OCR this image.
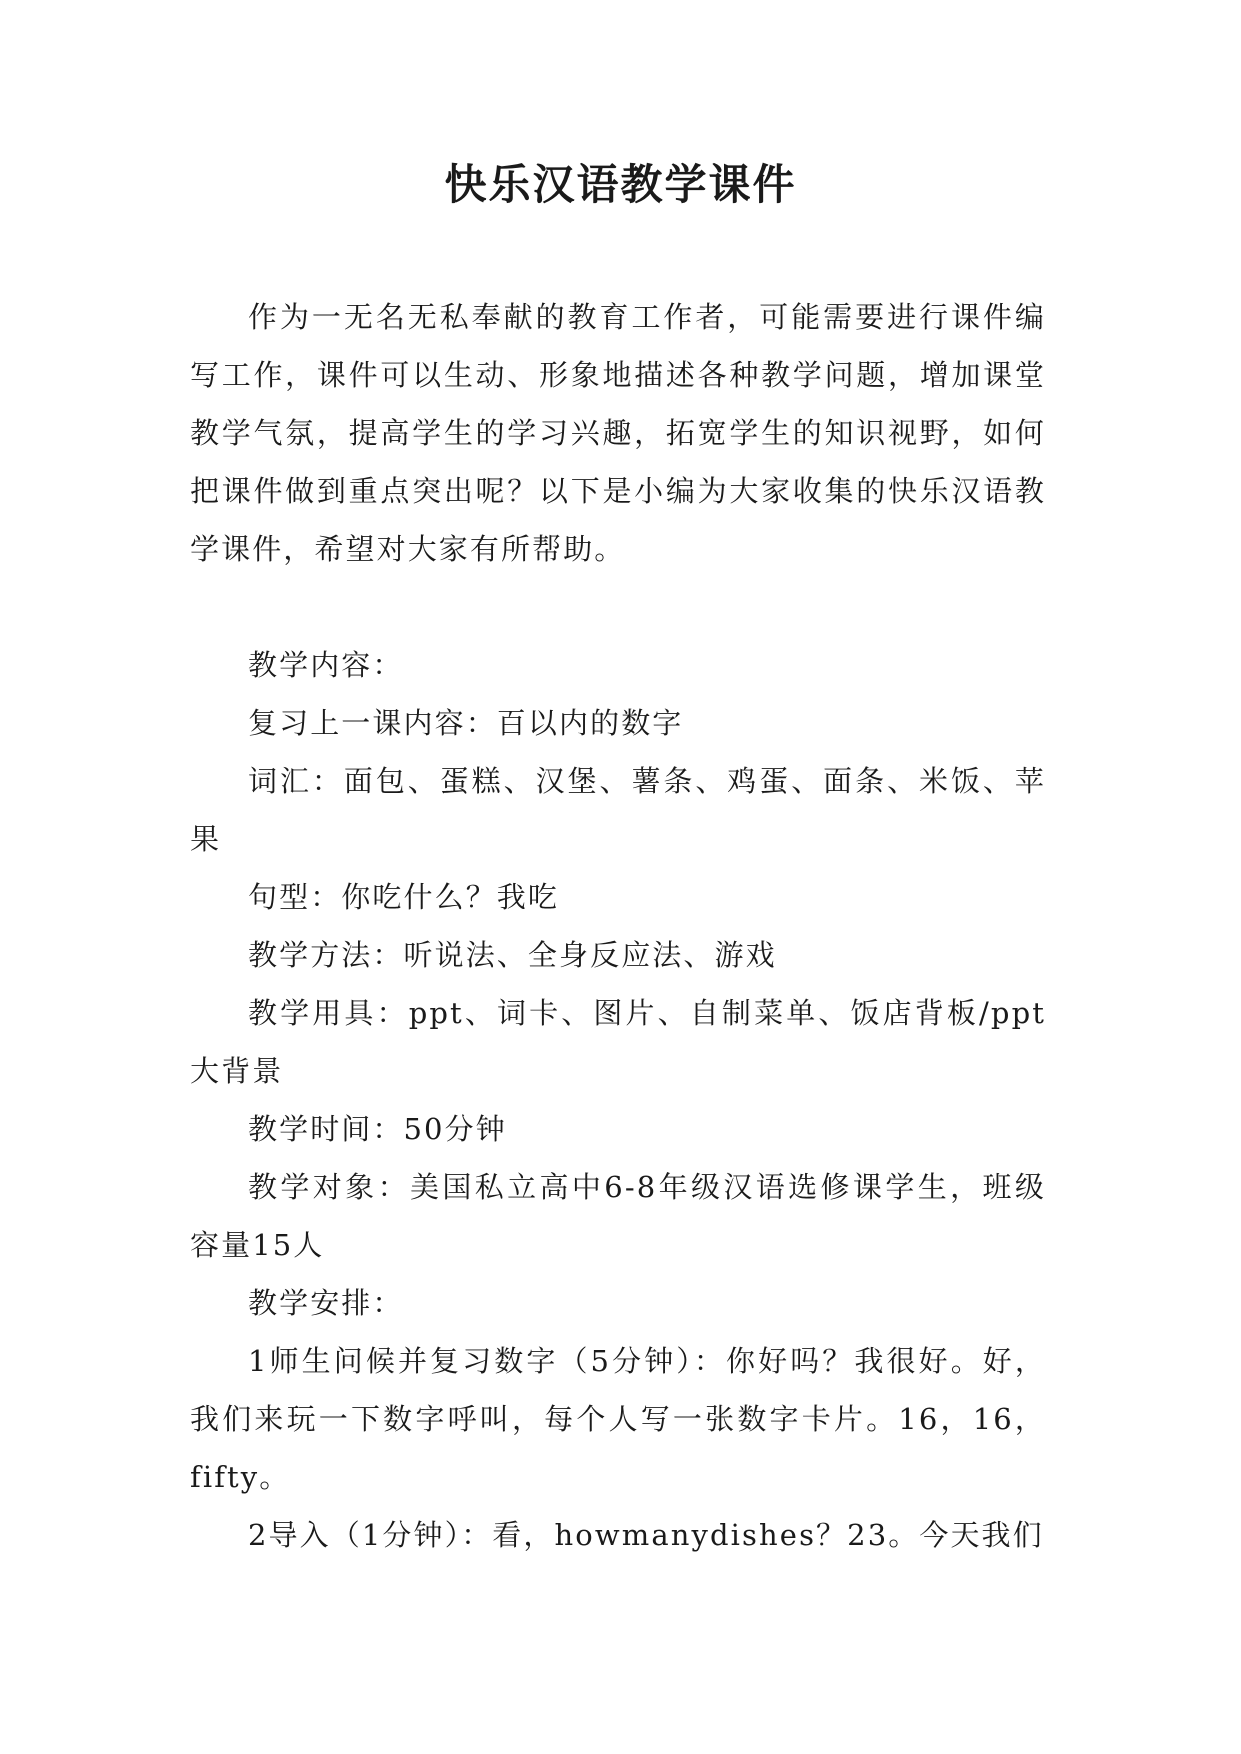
快乐汉语教学课件

作为一无名无私奉献的教育工作者，可能需要进行课件编写工作，课件可以生动、形象地描述各种教学问题，增加课堂教学气氛，提高学生的学习兴趣，拓宽学生的知识视野，如何把课件做到重点突出呢？以下是小编为大家收集的快乐汉语教学课件，希望对大家有所帮助。

教学内容：

复习上一课内容：百以内的数字

词汇：面包、蛋糕、汉堡、薯条、鸡蛋、面条、米饭、苹果

句型：你吃什么？我吃

教学方法：听说法、全身反应法、游戏

教学用具：ppt、词卡、图片、自制菜单、饭店背板/ppt大背景

教学时间：50分钟

教学对象：美国私立高中6-8年级汉语选修课学生，班级容量15人

教学安排：

1师生问候并复习数字（5分钟）：你好吗？我很好。好，我们来玩一下数字呼叫，每个人写一张数字卡片。16，16，fifty。

2导入（1分钟）：看，howmanydishes？23。今天我们
